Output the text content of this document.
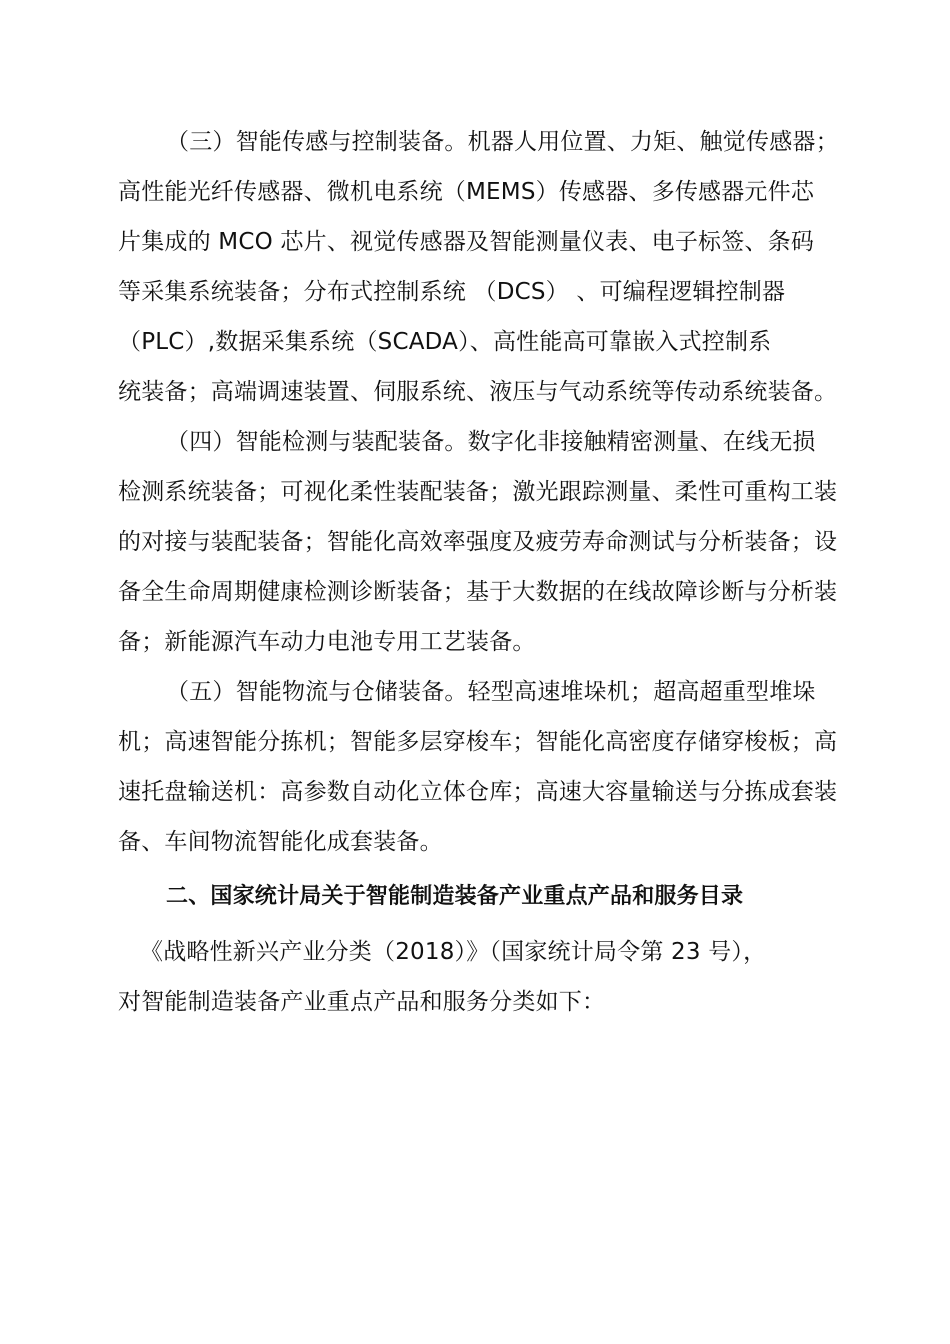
（三）智能传感与控制装备。机器人用位置、力矩、触觉传感器；
高性能光纤传感器、微机电系统（MEMS）传感器、多传感器元件芯
片集成的 MCO 芯片、视觉传感器及智能测量仪表、电子标签、条码
等采集系统装备；分布式控制系统 （DCS） 、可编程逻辑控制器
（PLC）,数据采集系统（SCADA）、高性能高可靠嵌入式控制系
统装备；高端调速装置、伺服系统、液压与气动系统等传动系统装备。
（四）智能检测与装配装备。数字化非接触精密测量、在线无损
检测系统装备；可视化柔性装配装备；激光跟踪测量、柔性可重构工装
的对接与装配装备；智能化高效率强度及疲劳寿命测试与分析装备；设
备全生命周期健康检测诊断装备；基于大数据的在线故障诊断与分析装
备；新能源汽车动力电池专用工艺装备。
（五）智能物流与仓储装备。轻型高速堆垛机；超高超重型堆垛
机；高速智能分拣机；智能多层穿梭车；智能化高密度存储穿梭板；高
速托盘输送机：高参数自动化立体仓库；高速大容量输送与分拣成套装
备、车间物流智能化成套装备。
二、国家统计局关于智能制造装备产业重点产品和服务目录
《战略性新兴产业分类（2018）》（国家统计局令第 23 号），
对智能制造装备产业重点产品和服务分类如下：
